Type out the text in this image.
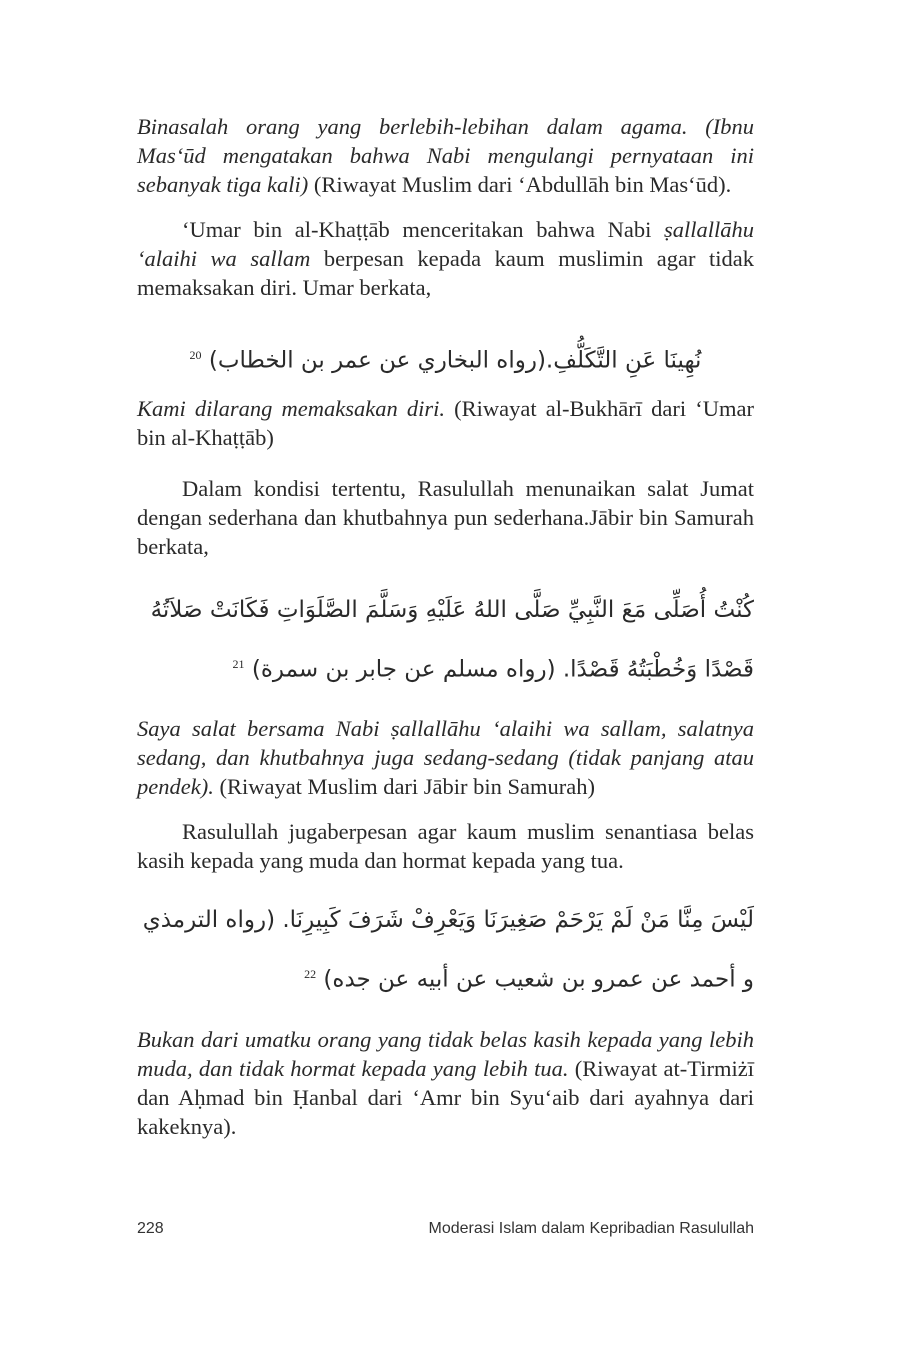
Binasalah orang yang berlebih-lebihan dalam agama. (Ibnu Mas‘ūd mengatakan bahwa Nabi mengulangi pernyataan ini sebanyak tiga kali) (Riwayat Muslim dari ‘Abdullāh bin Mas‘ūd).

‘Umar bin al-Khaṭṭāb menceritakan bahwa Nabi ṣallallāhu ‘alaihi wa sallam berpesan kepada kaum muslimin agar tidak memaksakan diri. Umar berkata,

نُهِينَا عَنِ التَّكَلُّفِ.(رواه البخاري عن عمر بن الخطاب) $^{20}$

Kami dilarang memaksakan diri. (Riwayat al-Bukhārī dari ‘Umar bin al-Khaṭṭāb)

Dalam kondisi tertentu, Rasulullah menunaikan salat Jumat dengan sederhana dan khutbahnya pun sederhana.Jābir bin Samurah berkata,

كُنْتُ أُصَلِّى مَعَ النَّبِيِّ صَلَّى اللهُ عَلَيْهِ وَسَلَّمَ الصَّلَوَاتِ فَكَانَتْ صَلاَتُهُ قَصْدًا وَخُطْبَتُهُ قَصْدًا. (رواه مسلم عن جابر بن سمرة) $^{21}$

Saya salat bersama Nabi ṣallallāhu ‘alaihi wa sallam, salatnya sedang, dan khutbahnya juga sedang-sedang (tidak panjang atau pendek). (Riwayat Muslim dari Jābir bin Samurah)

Rasulullah jugaberpesan agar kaum muslim senantiasa belas kasih kepada yang muda dan hormat kepada yang tua.

لَيْسَ مِنَّا مَنْ لَمْ يَرْحَمْ صَغِيرَنَا وَيَعْرِفْ شَرَفَ كَبِيرِنَا. (رواه الترمذي و أحمد عن عمرو بن شعيب عن أبيه عن جده) $^{22}$

Bukan dari umatku orang yang tidak belas kasih kepada yang lebih muda, dan tidak hormat kepada yang lebih tua. (Riwayat at-Tirmiżī dan Aḥmad bin Ḥanbal dari ‘Amr bin Syu‘aib dari ayahnya dari kakeknya).

228	Moderasi Islam dalam Kepribadian Rasulullah
